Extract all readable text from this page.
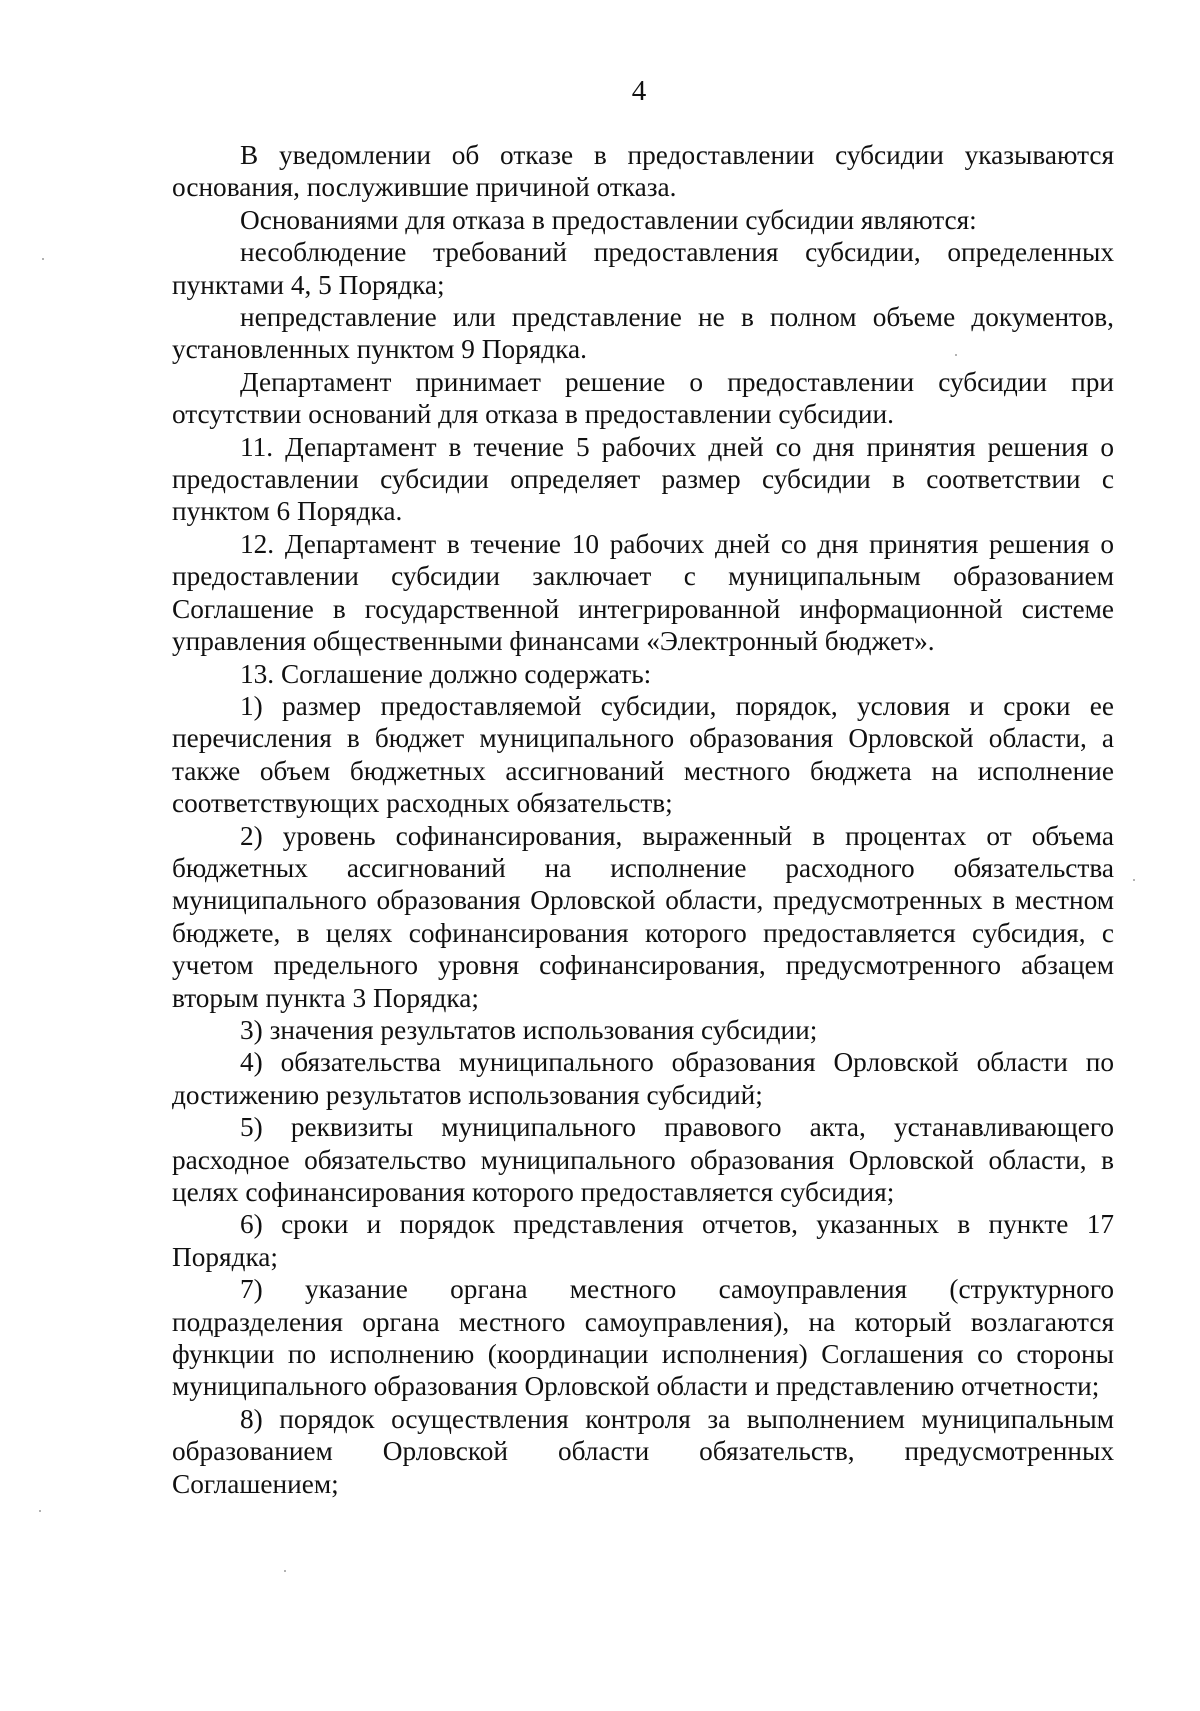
4

В уведомлении об отказе в предоставлении субсидии указываются основания, послужившие причиной отказа.

Основаниями для отказа в предоставлении субсидии являются:

несоблюдение требований предоставления субсидии, определенных пунктами 4, 5 Порядка;

непредставление или представление не в полном объеме документов, установленных пунктом 9 Порядка.

Департамент принимает решение о предоставлении субсидии при отсутствии оснований для отказа в предоставлении субсидии.

11. Департамент в течение 5 рабочих дней со дня принятия решения о предоставлении субсидии определяет размер субсидии в соответствии с пунктом 6 Порядка.

12. Департамент в течение 10 рабочих дней со дня принятия решения о предоставлении субсидии заключает с муниципальным образованием Соглашение в государственной интегрированной информационной системе управления общественными финансами «Электронный бюджет».

13. Соглашение должно содержать:

1) размер предоставляемой субсидии, порядок, условия и сроки ее перечисления в бюджет муниципального образования Орловской области, а также объем бюджетных ассигнований местного бюджета на исполнение соответствующих расходных обязательств;

2) уровень софинансирования, выраженный в процентах от объема бюджетных ассигнований на исполнение расходного обязательства муниципального образования Орловской области, предусмотренных в местном бюджете, в целях софинансирования которого предоставляется субсидия, с учетом предельного уровня софинансирования, предусмотренного абзацем вторым пункта 3 Порядка;

3) значения результатов использования субсидии;

4) обязательства муниципального образования Орловской области по достижению результатов использования субсидий;

5) реквизиты муниципального правового акта, устанавливающего расходное обязательство муниципального образования Орловской области, в целях софинансирования которого предоставляется субсидия;

6) сроки и порядок представления отчетов, указанных в пункте 17 Порядка;

7) указание органа местного самоуправления (структурного подразделения органа местного самоуправления), на который возлагаются функции по исполнению (координации исполнения) Соглашения со стороны муниципального образования Орловской области и представлению отчетности;

8) порядок осуществления контроля за выполнением муниципальным образованием Орловской области обязательств, предусмотренных Соглашением;
